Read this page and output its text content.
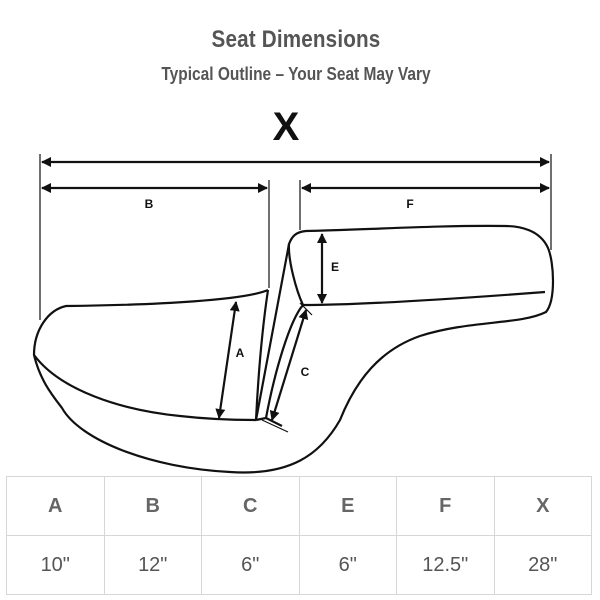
Seat Dimensions
Typical Outline – Your Seat May Vary
X
B	F
E
A
C
A	B	C	E	F	X
10"	12"	6"	6"	12.5"	28"
